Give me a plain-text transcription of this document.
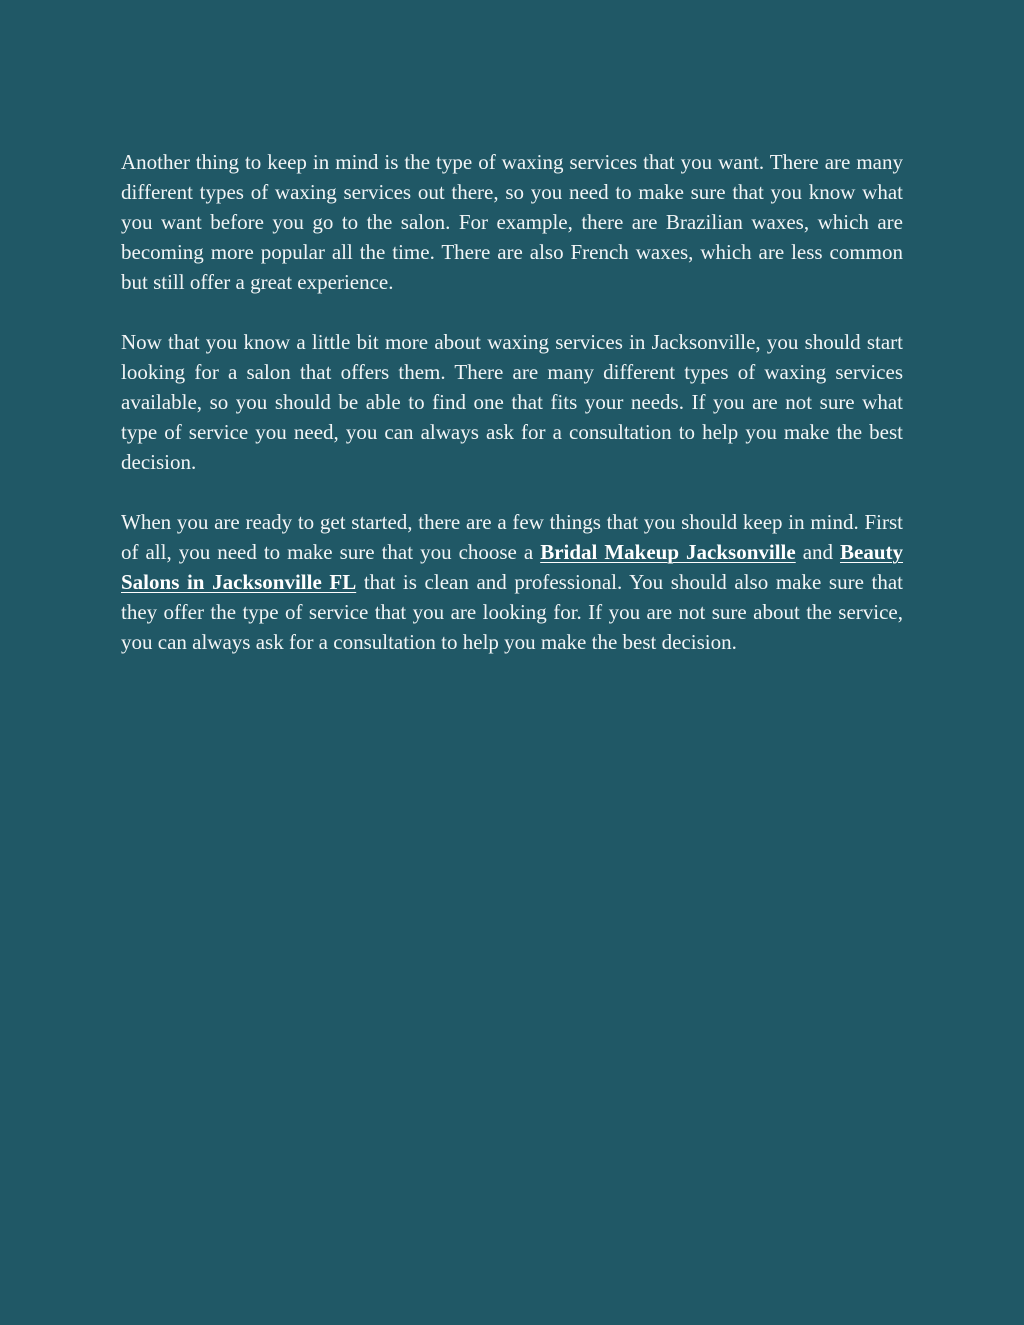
Another thing to keep in mind is the type of waxing services that you want. There are many different types of waxing services out there, so you need to make sure that you know what you want before you go to the salon. For example, there are Brazilian waxes, which are becoming more popular all the time. There are also French waxes, which are less common but still offer a great experience.

Now that you know a little bit more about waxing services in Jacksonville, you should start looking for a salon that offers them. There are many different types of waxing services available, so you should be able to find one that fits your needs. If you are not sure what type of service you need, you can always ask for a consultation to help you make the best decision.

When you are ready to get started, there are a few things that you should keep in mind. First of all, you need to make sure that you choose a Bridal Makeup Jacksonville and Beauty Salons in Jacksonville FL that is clean and professional. You should also make sure that they offer the type of service that you are looking for. If you are not sure about the service, you can always ask for a consultation to help you make the best decision.
